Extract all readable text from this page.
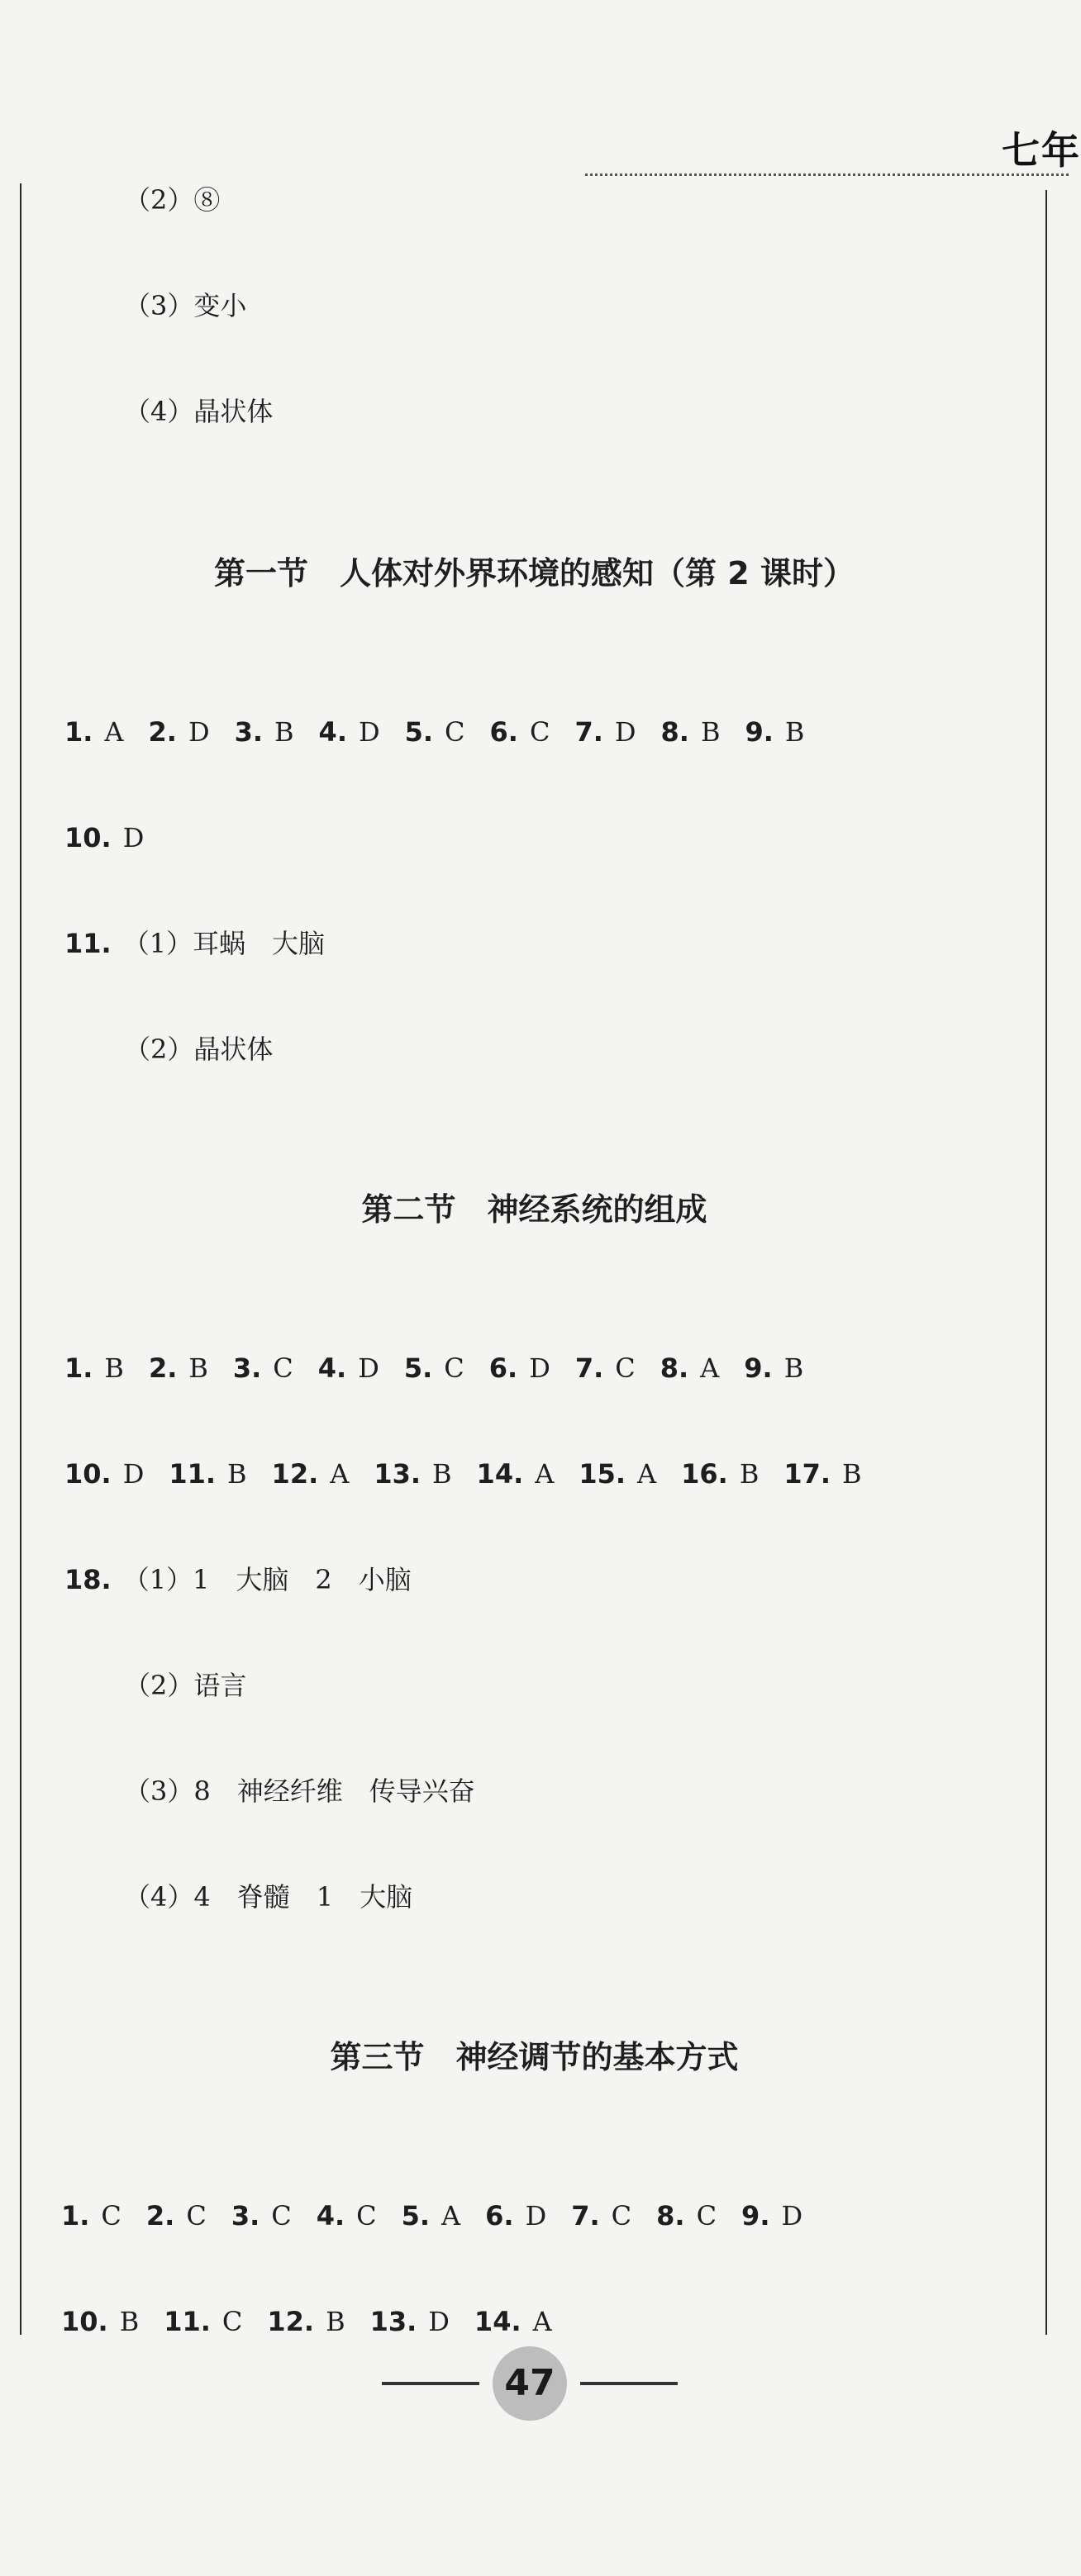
七年
（2）⑧
（3）变小
（4）晶状体
第一节　人体对外界环境的感知（第 2 课时）
1. A 2. D 3. B 4. D 5. C 6. C 7. D 8. B 9. B
10. D
11. （1）耳蜗　大脑
（2）晶状体
第二节　神经系统的组成
1. B 2. B 3. C 4. D 5. C 6. D 7. C 8. A 9. B
10. D 11. B 12. A 13. B 14. A 15. A 16. B 17. B
18. （1）1　大脑　2　小脑
（2）语言
（3）8　神经纤维　传导兴奋
（4）4　脊髓　1　大脑
第三节　神经调节的基本方式
1. C 2. C 3. C 4. C 5. A 6. D 7. C 8. C 9. D
10. B 11. C 12. B 13. D 14. A
47
